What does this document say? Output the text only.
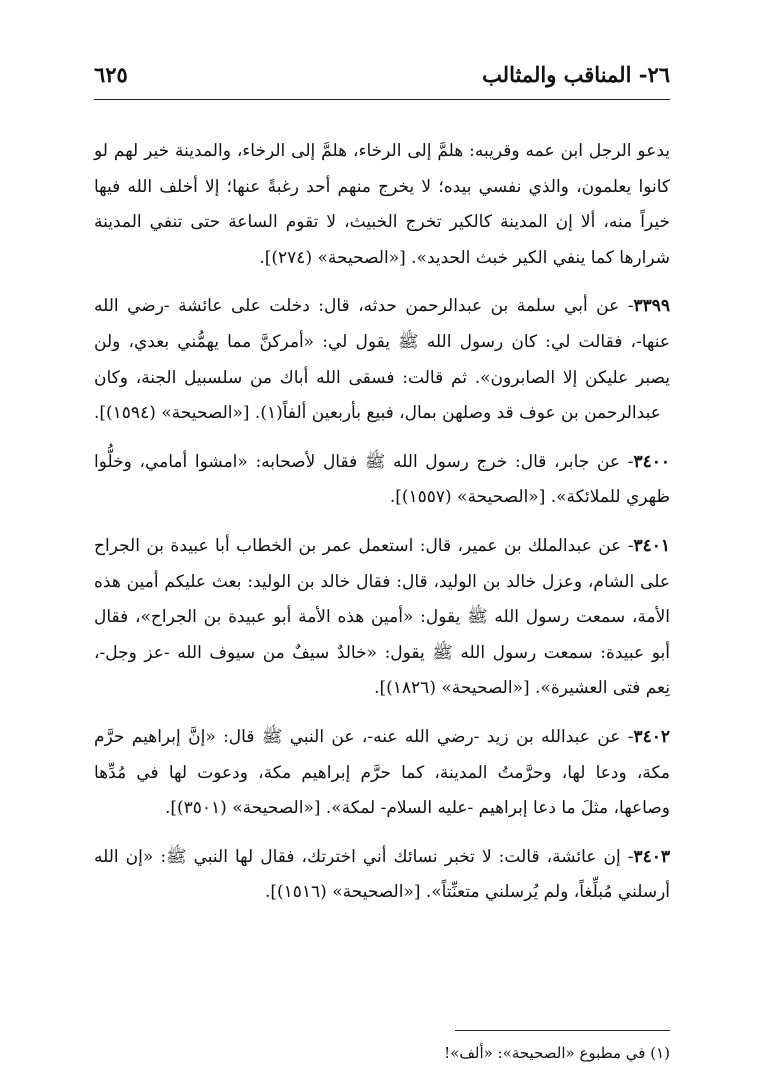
٢٦- المناقب والمثالب
٦٢٥

يدعو الرجل ابن عمه وقريبه: هلمَّ إلى الرخاء، هلمَّ إلى الرخاء، والمدينة خير لهم لو كانوا يعلمون، والذي نفسي بيده؛ لا يخرج منهم أحد رغبةً عنها؛ إلا أخلف الله فيها خيراً منه، ألا إن المدينة كالكير تخرج الخبيث، لا تقوم الساعة حتى تنفي المدينة شرارها كما ينفي الكير خبث الحديد». [«الصحيحة» (٢٧٤)].

٣٣٩٩- عن أبي سلمة بن عبدالرحمن حدثه، قال: دخلت على عائشة -رضي الله عنها-، فقالت لي: كان رسول الله ﷺ يقول لي: «أمركنَّ مما يهمُّني بعدي، ولن يصبر عليكن إلا الصابرون». ثم قالت: فسقى الله أباك من سلسبيل الجنة، وكان عبدالرحمن بن عوف قد وصلهن بمال، فبيع بأربعين ألفاً(١). [«الصحيحة» (١٥٩٤)].

٣٤٠٠- عن جابر، قال: خرج رسول الله ﷺ فقال لأصحابه: «امشوا أمامي، وخلُّوا ظهري للملائكة». [«الصحيحة» (١٥٥٧)].

٣٤٠١- عن عبدالملك بن عمير، قال: استعمل عمر بن الخطاب أبا عبيدة بن الجراح على الشام، وعزل خالد بن الوليد، قال: فقال خالد بن الوليد: بعث عليكم أمين هذه الأمة، سمعت رسول الله ﷺ يقول: «أمين هذه الأمة أبو عبيدة بن الجراح»، فقال أبو عبيدة: سمعت رسول الله ﷺ يقول: «خالدٌ سيفٌ من سيوف الله -عز وجل-، نِعم فتى العشيرة». [«الصحيحة» (١٨٢٦)].

٣٤٠٢- عن عبدالله بن زيد -رضي الله عنه-، عن النبي ﷺ قال: «إنَّ إبراهيم حرَّم مكة، ودعا لها، وحرَّمتُ المدينة، كما حرَّم إبراهيم مكة، ودعوت لها في مُدِّها وصاعها، مثلَ ما دعا إبراهيم -عليه السلام- لمكة». [«الصحيحة» (٣٥٠١)].

٣٤٠٣- إن عائشة، قالت: لا تخبر نسائك أني اخترتك، فقال لها النبي ﷺ: «إن الله أرسلني مُبلِّغاً، ولم يُرسلني متعنِّتاً». [«الصحيحة» (١٥١٦)].

(١) في مطبوع «الصحيحة»: «ألف»!
